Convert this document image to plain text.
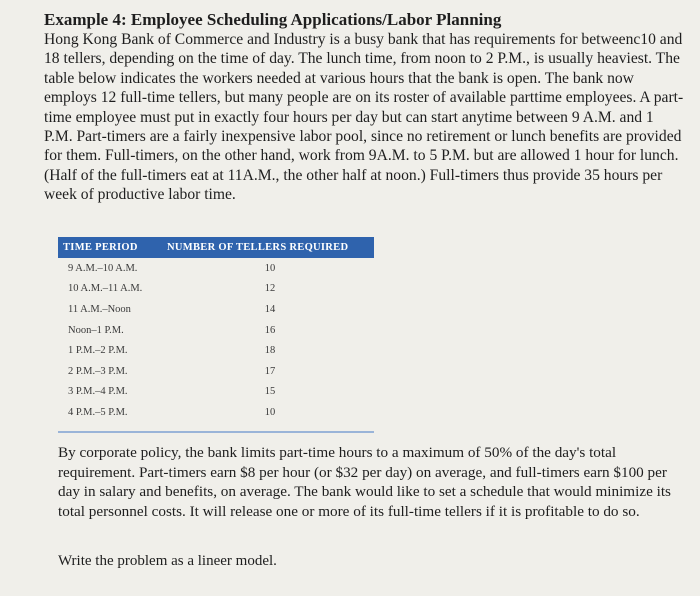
Example 4: Employee Scheduling Applications/Labor Planning

Hong Kong Bank of Commerce and Industry is a busy bank that has requirements for betweenc10 and 18 tellers, depending on the time of day. The lunch time, from noon to 2 P.M., is usually heaviest. The table below indicates the workers needed at various hours that the bank is open. The bank now employs 12 full-time tellers, but many people are on its roster of available parttime employees. A part-time employee must put in exactly four hours per day but can start anytime between 9 A.M. and 1 P.M. Part-timers are a fairly inexpensive labor pool, since no retirement or lunch benefits are provided for them. Full-timers, on the other hand, work from 9A.M. to 5 P.M. but are allowed 1 hour for lunch. (Half of the full-timers eat at 11A.M., the other half at noon.) Full-timers thus provide 35 hours per week of productive labor time.

TIME PERIOD	NUMBER OF TELLERS REQUIRED
9 A.M.–10 A.M.	10
10 A.M.–11 A.M.	12
11 A.M.–Noon	14
Noon–1 P.M.	16
1 P.M.–2 P.M.	18
2 P.M.–3 P.M.	17
3 P.M.–4 P.M.	15
4 P.M.–5 P.M.	10

By corporate policy, the bank limits part-time hours to a maximum of 50% of the day's total requirement. Part-timers earn $8 per hour (or $32 per day) on average, and full-timers earn $100 per day in salary and benefits, on average. The bank would like to set a schedule that would minimize its total personnel costs. It will release one or more of its full-time tellers if it is profitable to do so.

Write the problem as a lineer model.
